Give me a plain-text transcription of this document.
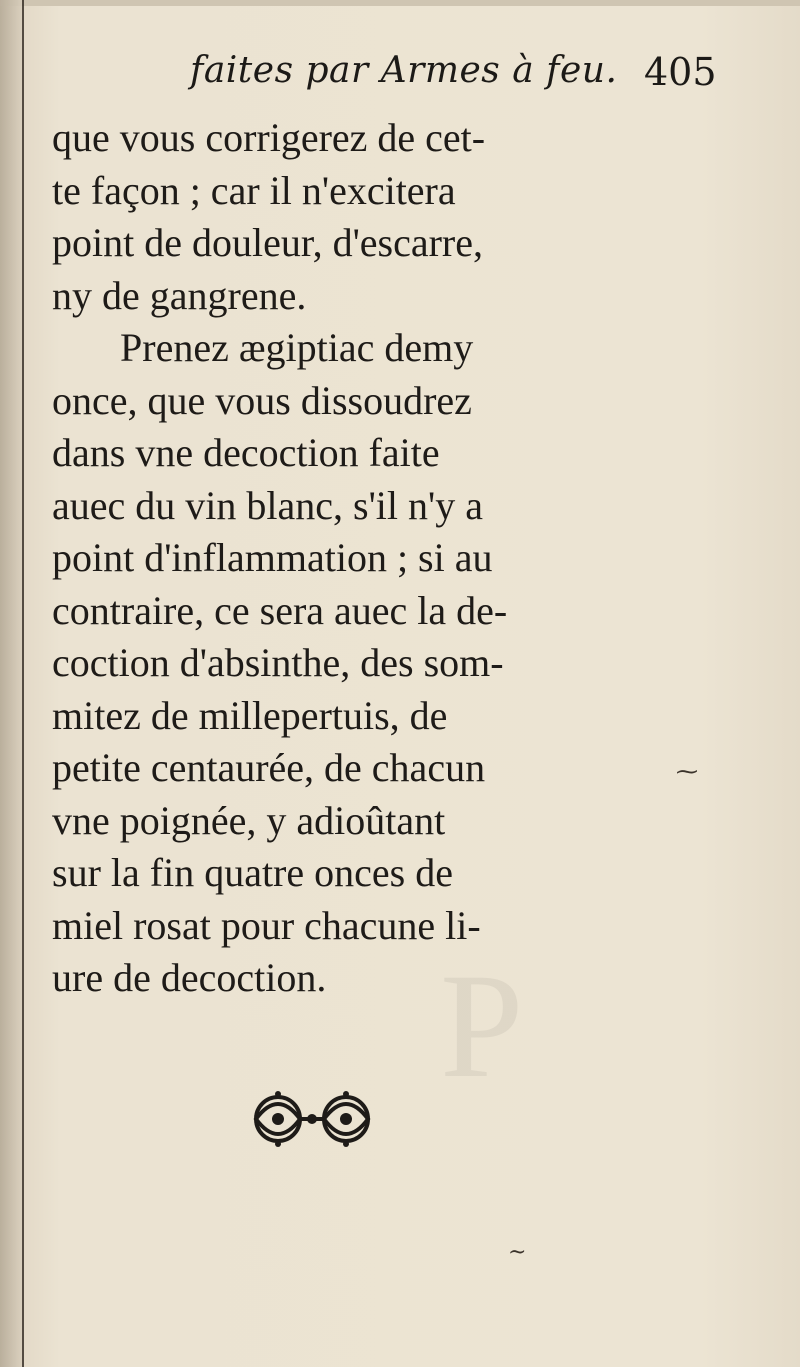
P
faites par Armes à feu. 405
que vous corrigerez de cet-
te façon ; car il n'excitera
point de douleur, d'escarre,
ny de gangrene.
Prenez ægiptiac demy
once, que vous dissoudrez
dans vne decoction faite
auec du vin blanc, s'il n'y a
point d'inflammation ; si au
contraire, ce sera auec la de-
coction d'absinthe, des som-
mitez de millepertuis, de
petite centaurée, de chacun
vne poignée, y adioûtant
sur la fin quatre onces de
miel rosat pour chacune li-
ure de decoction.
⁓
~
